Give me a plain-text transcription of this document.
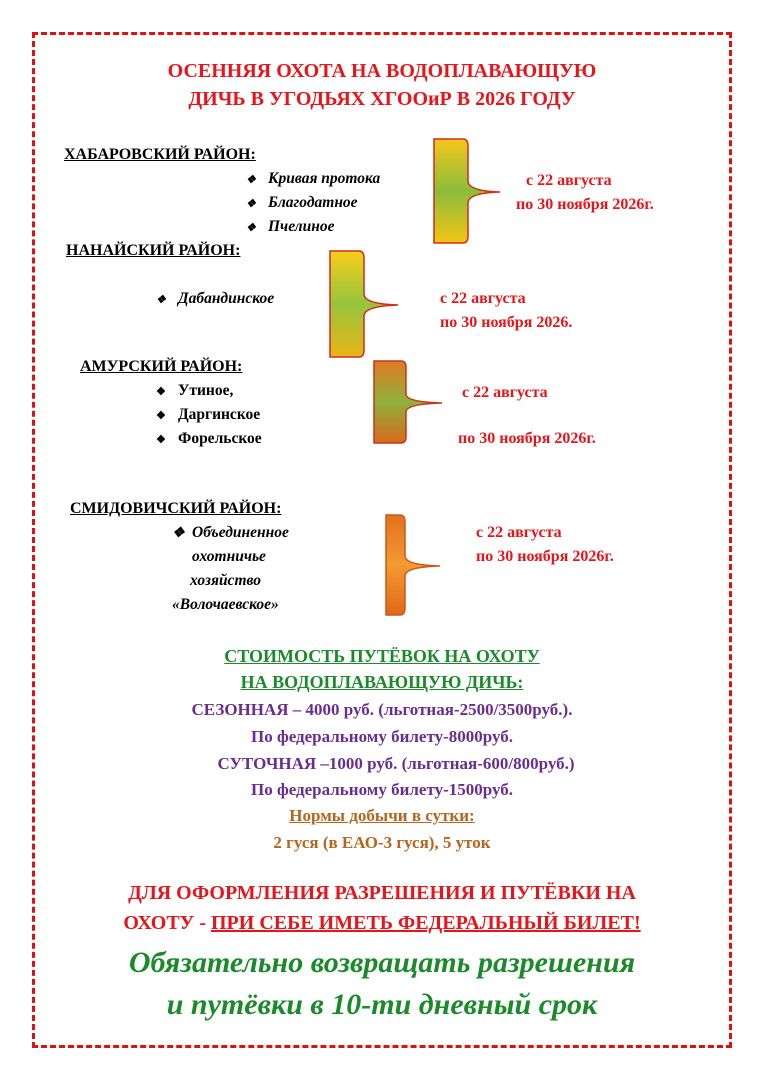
ОСЕННЯЯ ОХОТА НА ВОДОПЛАВАЮЩУЮ
ДИЧЬ В УГОДЬЯХ ХГООиР В 2026 ГОДУ
ХАБАРОВСКИЙ РАЙОН:
❖ Кривая протока
❖ Благодатное
❖ Пчелиное
с 22 августа
по 30 ноября 2026г.
НАНАЙСКИЙ РАЙОН:
❖ Дабандинское	с 22 августа
по 30 ноября 2026.
АМУРСКИЙ РАЙОН:
❖ Утиное,
❖ Даргинское
❖ Форельское
с 22 августа
по 30 ноября 2026г.
СМИДОВИЧСКИЙ РАЙОН:
❖ Объединенное
охотничье
хозяйство
«Волочаевское»
с 22 августа
по 30 ноября 2026г.
СТОИМОСТЬ ПУТЁВОК НА ОХОТУ
НА ВОДОПЛАВАЮЩУЮ ДИЧЬ:
СЕЗОННАЯ – 4000 руб. (льготная-2500/3500руб.).
По федеральному билету-8000руб.
СУТОЧНАЯ –1000 руб. (льготная-600/800руб.)
По федеральному билету-1500руб.
Нормы добычи в сутки:
2 гуся (в ЕАО-3 гуся), 5 уток
ДЛЯ ОФОРМЛЕНИЯ РАЗРЕШЕНИЯ И ПУТЁВКИ НА
ОХОТУ - ПРИ СЕБЕ ИМЕТЬ ФЕДЕРАЛЬНЫЙ БИЛЕТ!
Обязательно возвращать разрешения
и путёвки в 10-ти дневный срок
